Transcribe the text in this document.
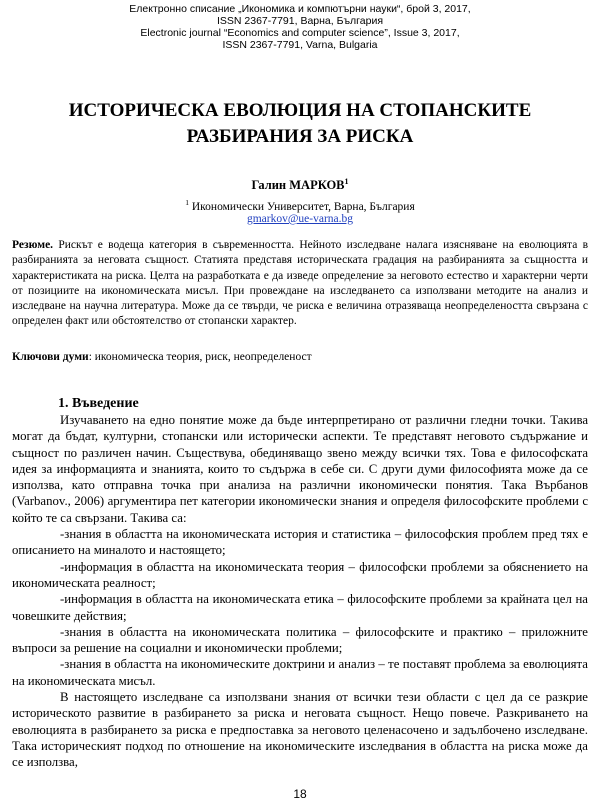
Електронно списание „Икономика и компютърни науки“, брой 3, 2017,
ISSN 2367-7791, Варна, България
Electronic journal “Economics and computer science”, Issue 3, 2017,
ISSN 2367-7791, Varna, Bulgaria
ИСТОРИЧЕСКА ЕВОЛЮЦИЯ НА СТОПАНСКИТЕ
РАЗБИРАНИЯ ЗА РИСКА
Галин МАРКОВ$^1$
$^1$ Икономически Университет, Варна, България
gmarkov@ue-varna.bg
Резюме. Рискът е водеща категория в съвременността. Нейното изследване налага изясняване на еволюцията в разбиранията за неговата същност. Статията представя историческата градация на разбиранията за същността и характеристиката на риска. Целта на разработката е да изведе определение за неговото естество и характерни черти от позициите на икономическата мисъл. При провеждане на изследването са използвани методите на анализ и изследване на научна литература. Може да се твърди, че риска е величина отразяваща неопределеността свързана с определен факт или обстоятелство от стопански характер.
Ключови думи: икономическа теория, риск, неопределеност
1. Въведение

Изучаването на едно понятие може да бъде интерпретирано от различни гледни точки. Такива могат да бъдат, културни, стопански или исторически аспекти. Те представят неговото съдържание и същност по различен начин. Съществува, обединяващо звено между всички тях. Това е философската идея за информацията и знанията, които то съдържа в себе си. С други думи философията може да се използва, като отправна точка при анализа на различни икономически понятия. Така Върбанов (Varbanov., 2006) аргументира пет категории икономически знания и определя философските проблеми с който те са свързани. Такива са:

-знания в областта на икономическата история и статистика – философския проблем пред тях е описанието на миналото и настоящето;

-информация в областта на икономическата теория – философски проблеми за обяснението на икономическата реалност;

-информация в областта на икономическата етика – философските проблеми за крайната цел на човешките действия;

-знания в областта на икономическата политика – философските и практико – приложните въпроси за решение на социални и икономически проблеми;

-знания в областта на икономическите доктрини и анализ – те поставят проблема за еволюцията на икономическата мисъл.

В настоящето изследване са използвани знания от всички тези области с цел да се разкрие историческото развитие в разбирането за риска и неговата същност. Нещо повече. Разкриването на еволюцията в разбирането за риска е предпоставка за неговото целенасочено и задълбочено изследване. Така историческият подход по отношение на икономическите изследвания в областта на риска може да се използва,

18
